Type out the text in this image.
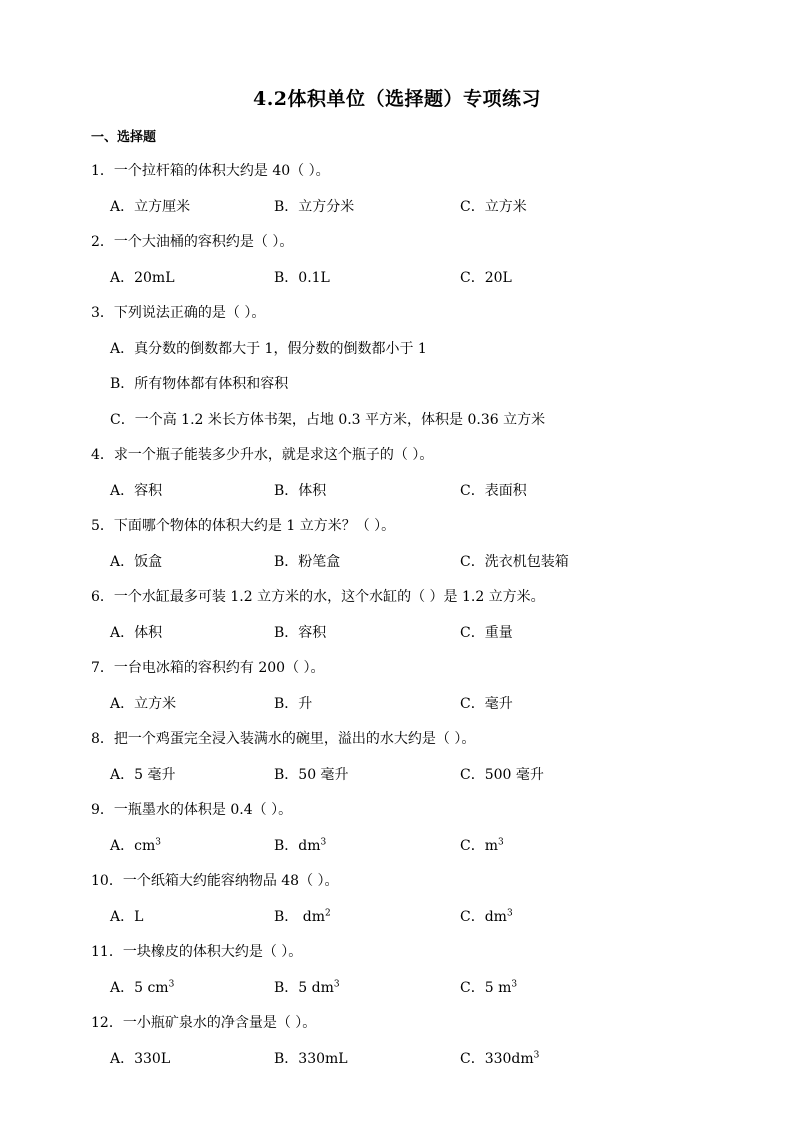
4.2体积单位（选择题）专项练习
一、选择题
1．一个拉杆箱的体积大约是 40（ ）。
A．立方厘米	B．立方分米	C．立方米
2．一个大油桶的容积约是（ ）。
A．20mL	B．0.1L	C．20L
3．下列说法正确的是（ ）。
A．真分数的倒数都大于 1，假分数的倒数都小于 1
B．所有物体都有体积和容积
C．一个高 1.2 米长方体书架，占地 0.3 平方米，体积是 0.36 立方米
4．求一个瓶子能装多少升水，就是求这个瓶子的（ ）。
A．容积	B．体积	C．表面积
5．下面哪个物体的体积大约是 1 立方米？（ ）。
A．饭盒	B．粉笔盒	C．洗衣机包装箱
6．一个水缸最多可装 1.2 立方米的水，这个水缸的（ ）是 1.2 立方米。
A．体积	B．容积	C．重量
7．一台电冰箱的容积约有 200（ ）。
A．立方米	B．升	C．毫升
8．把一个鸡蛋完全浸入装满水的碗里，溢出的水大约是（ ）。
A．5 毫升	B．50 毫升	C．500 毫升
9．一瓶墨水的体积是 0.4（ ）。
A．$cm^3$	B．$dm^3$	C．$m^3$
10．一个纸箱大约能容纳物品 48（ ）。
A．L	B． $dm^2$	C．$dm^3$
11．一块橡皮的体积大约是（ ）。
A．5 $cm^3$	B．5 $dm^3$	C．5 $m^3$
12．一小瓶矿泉水的净含量是（ ）。
A．330L	B．330mL	C．$330dm^3$
